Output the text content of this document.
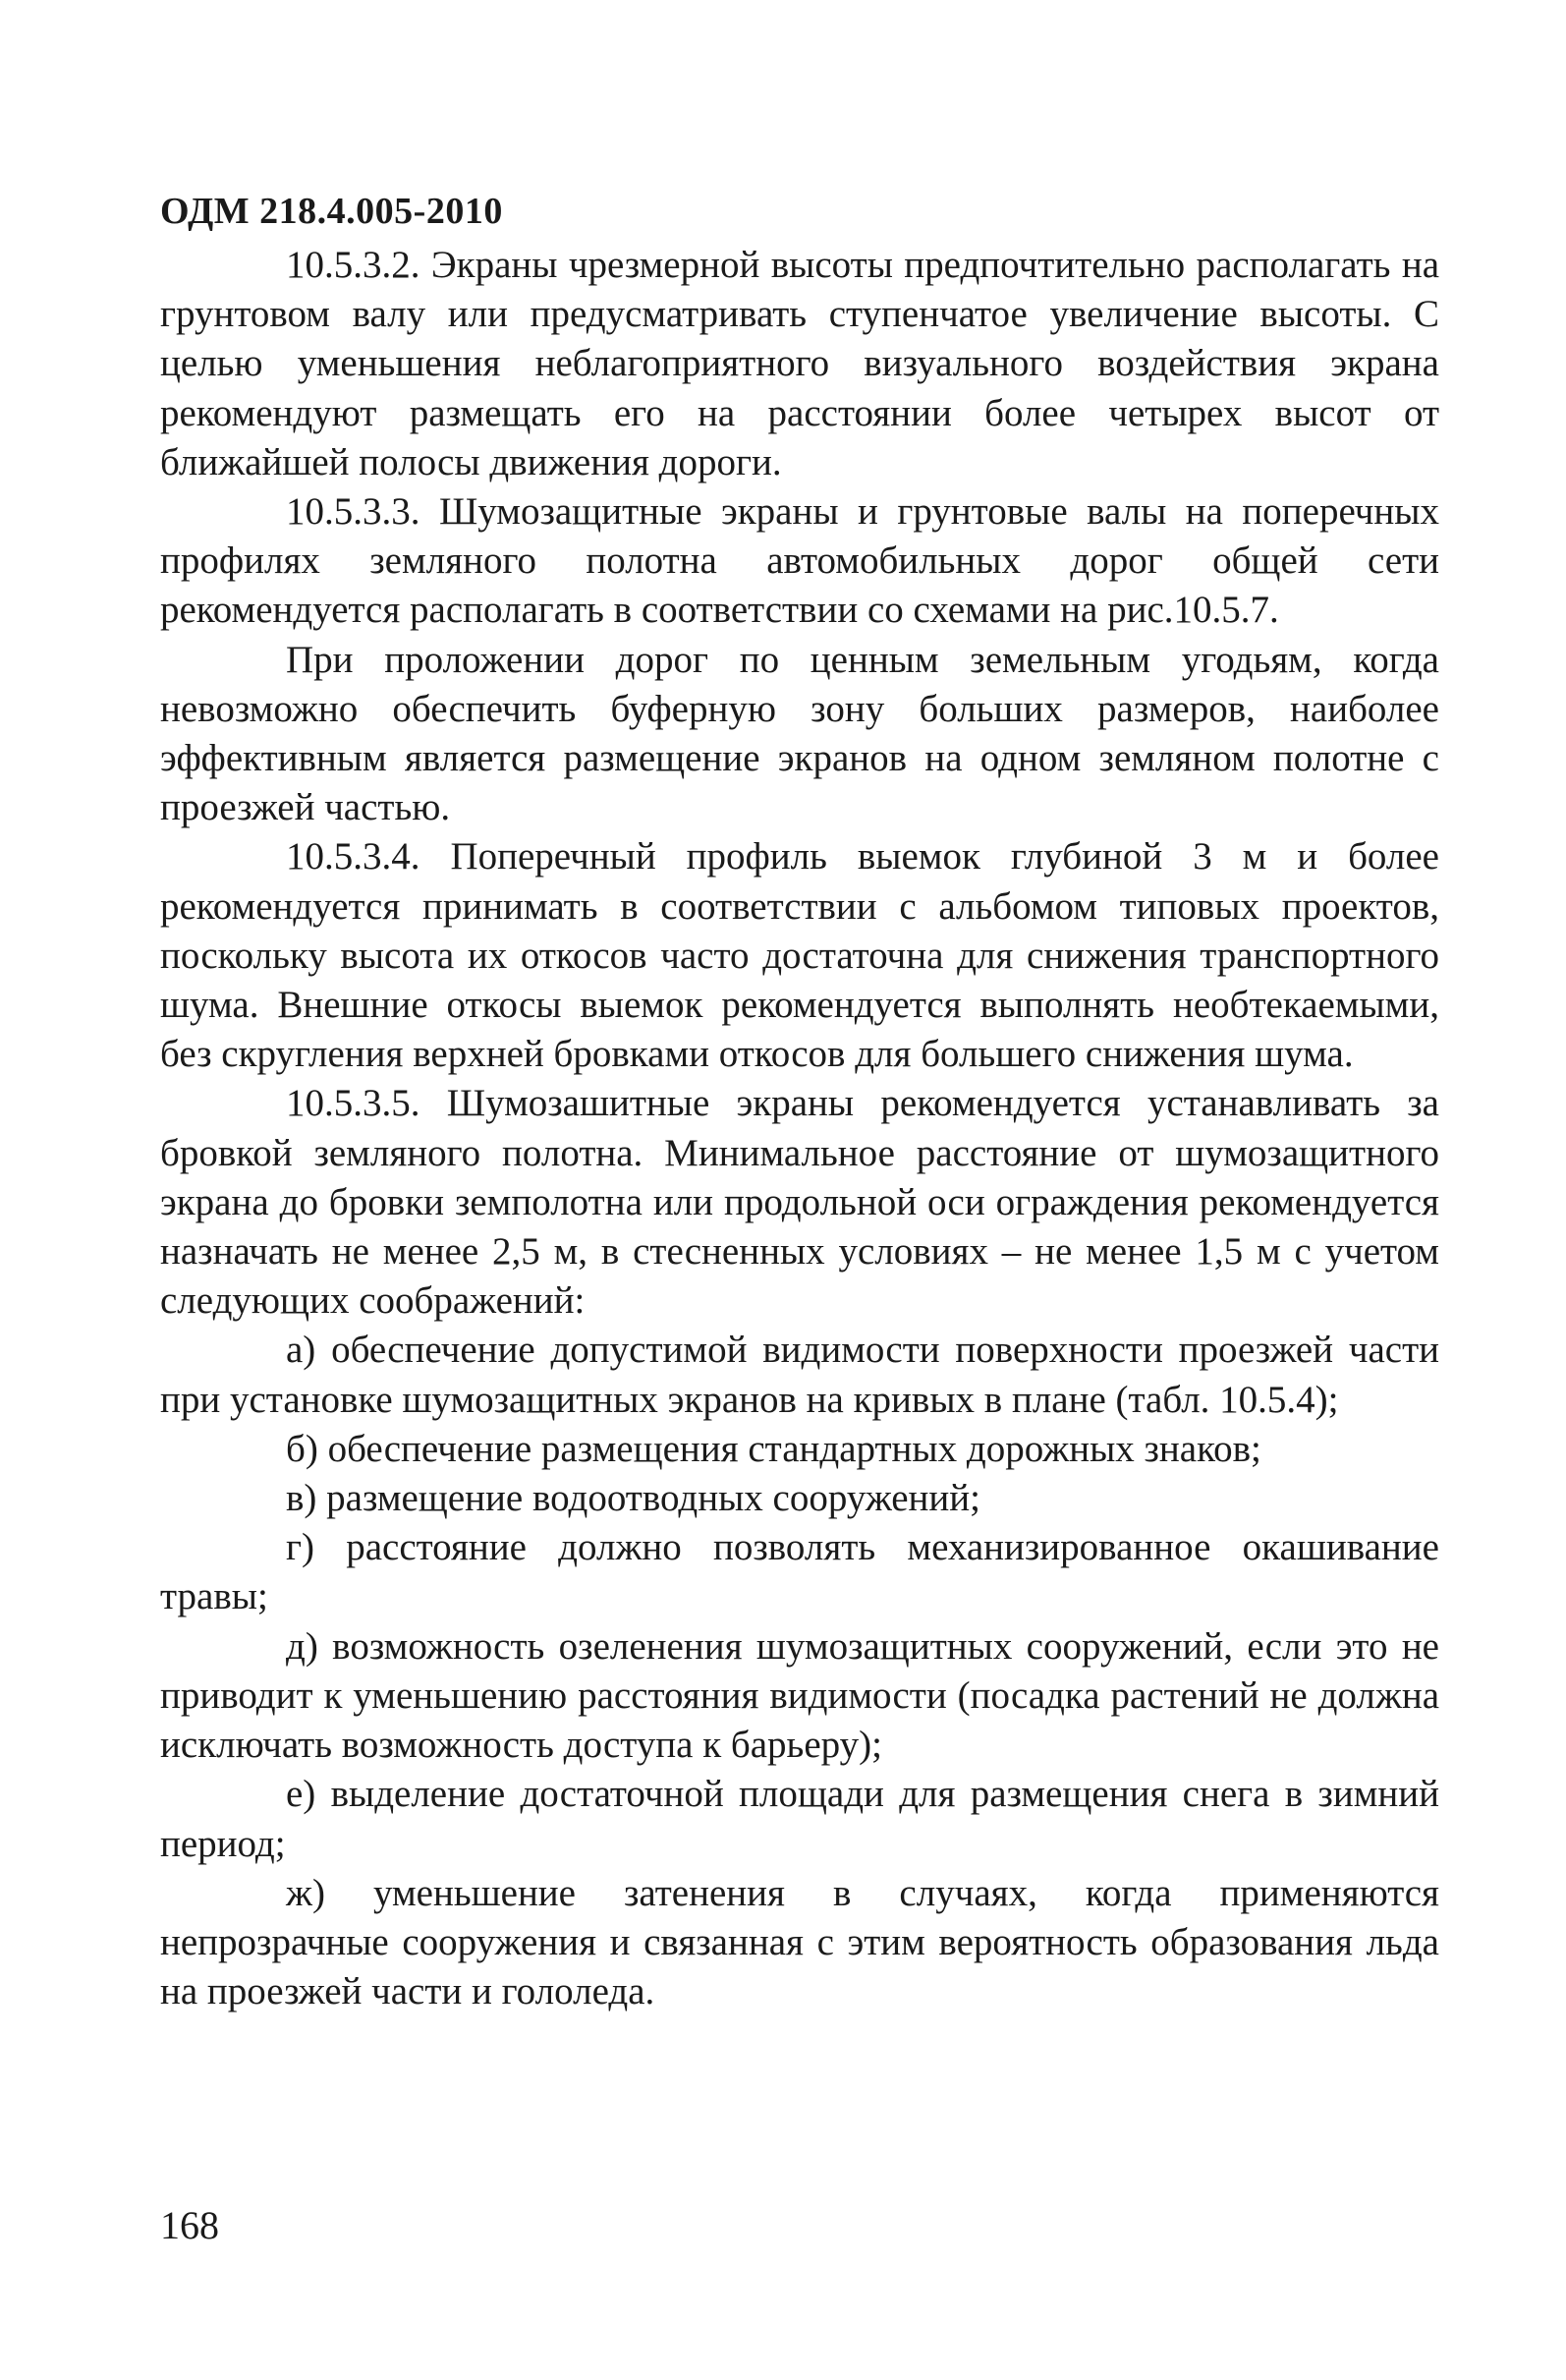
ОДМ 218.4.005-2010

10.5.3.2. Экраны чрезмерной высоты предпочтительно располагать на грунтовом валу или предусматривать ступенчатое увеличение высоты. С целью уменьшения неблагоприятного визуального воздействия экрана рекомендуют размещать его на расстоянии более четырех высот от ближайшей полосы движения дороги.

10.5.3.3. Шумозащитные экраны и грунтовые валы на поперечных профилях земляного полотна автомобильных дорог общей сети рекомендуется располагать в соответствии со схемами на рис.10.5.7.

При проложении дорог по ценным земельным угодьям, когда невозможно обеспечить буферную зону больших размеров, наиболее эффективным является размещение экранов на одном земляном полотне с проезжей частью.

10.5.3.4. Поперечный профиль выемок глубиной 3 м и более рекомендуется принимать в соответствии с альбомом типовых проектов, поскольку высота их откосов часто достаточна для снижения транспортного шума. Внешние откосы выемок рекомендуется выполнять необтекаемыми, без скругления верхней бровками откосов для большего снижения шума.

10.5.3.5. Шумозашитные экраны рекомендуется устанавливать за бровкой земляного полотна. Минимальное расстояние от шумозащитного экрана до бровки земполотна или продольной оси ограждения рекомендуется назначать не менее 2,5 м, в стесненных условиях – не менее 1,5 м с учетом следующих соображений:

а) обеспечение допустимой видимости поверхности проезжей части при установке шумозащитных экранов на кривых в плане (табл. 10.5.4);

б) обеспечение размещения стандартных дорожных знаков;

в) размещение водоотводных сооружений;

г) расстояние должно позволять механизированное окашивание травы;

д) возможность озеленения шумозащитных сооружений, если это не приводит к уменьшению расстояния видимости (посадка растений не должна исключать возможность доступа к барьеру);

е) выделение достаточной площади для размещения снега в зимний период;

ж) уменьшение затенения в случаях, когда применяются непрозрачные сооружения и связанная с этим вероятность образования льда на проезжей части и гололеда.

168
